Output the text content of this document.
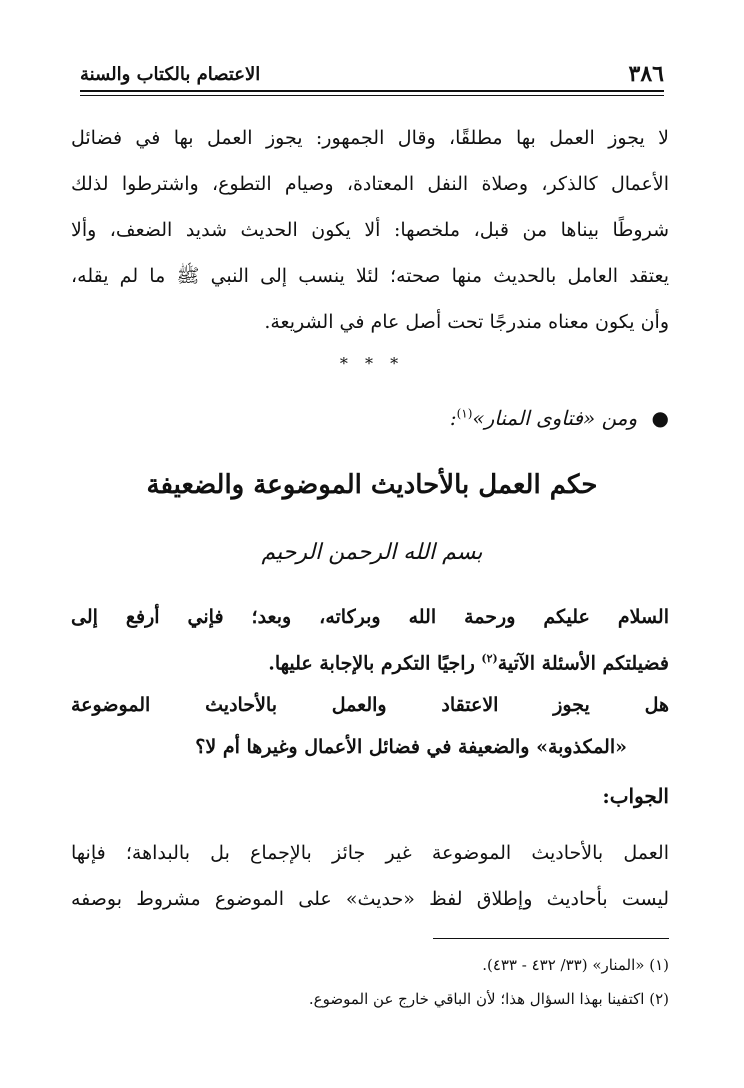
٣٨٦
الاعتصام بالكتاب والسنة
لا يجوز العمل بها مطلقًا، وقال الجمهور: يجوز العمل بها في فضائل
الأعمال كالذكر، وصلاة النفل المعتادة، وصيام التطوع، واشترطوا لذلك
شروطًا بيناها من قبل، ملخصها: ألا يكون الحديث شديد الضعف، وألا
يعتقد العامل بالحديث منها صحته؛ لئلا ينسب إلى النبي ﷺ ما لم يقله،
وأن يكون معناه مندرجًا تحت أصل عام في الشريعة.
* * *
● ومن «فتاوى المنار»$^{(١)}$:
حكم العمل بالأحاديث الموضوعة والضعيفة
بسم الله الرحمن الرحيم
السلام عليكم ورحمة الله وبركاته، وبعد؛ فإني أرفع إلى
فضيلتكم الأسئلة الآتية$^{(٢)}$ راجيًا التكرم بالإجابة عليها.
هل يجوز الاعتقاد والعمل بالأحاديث الموضوعة
«المكذوبة» والضعيفة في فضائل الأعمال وغيرها أم لا؟
الجواب:
العمل بالأحاديث الموضوعة غير جائز بالإجماع بل بالبداهة؛ فإنها
ليست بأحاديث وإطلاق لفظ «حديث» على الموضوع مشروط بوصفه
(١) «المنار» (٣٣/ ٤٣٢ - ٤٣٣).
(٢) اكتفينا بهذا السؤال هذا؛ لأن الباقي خارج عن الموضوع.
